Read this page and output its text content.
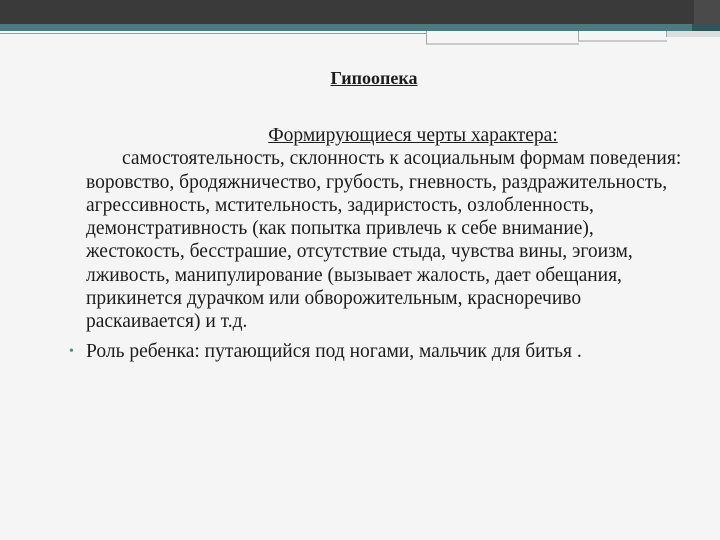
Гипоопека
Формирующиеся черты характера:

самостоятельность, склонность к асоциальным формам поведения: воровство, бродяжничество, грубость, гневность, раздражительность, агрессивность, мстительность, задиристость, озлобленность, демонстративность (как попытка привлечь к себе внимание), жестокость, бесстрашие, отсутствие стыда, чувства вины, эгоизм, лживость, манипулирование (вызывает жалость, дает обещания, прикинется дурачком или обворожительным, красноречиво раскаивается) и т.д.

• Роль ребенка: путающийся под ногами, мальчик для битья .
